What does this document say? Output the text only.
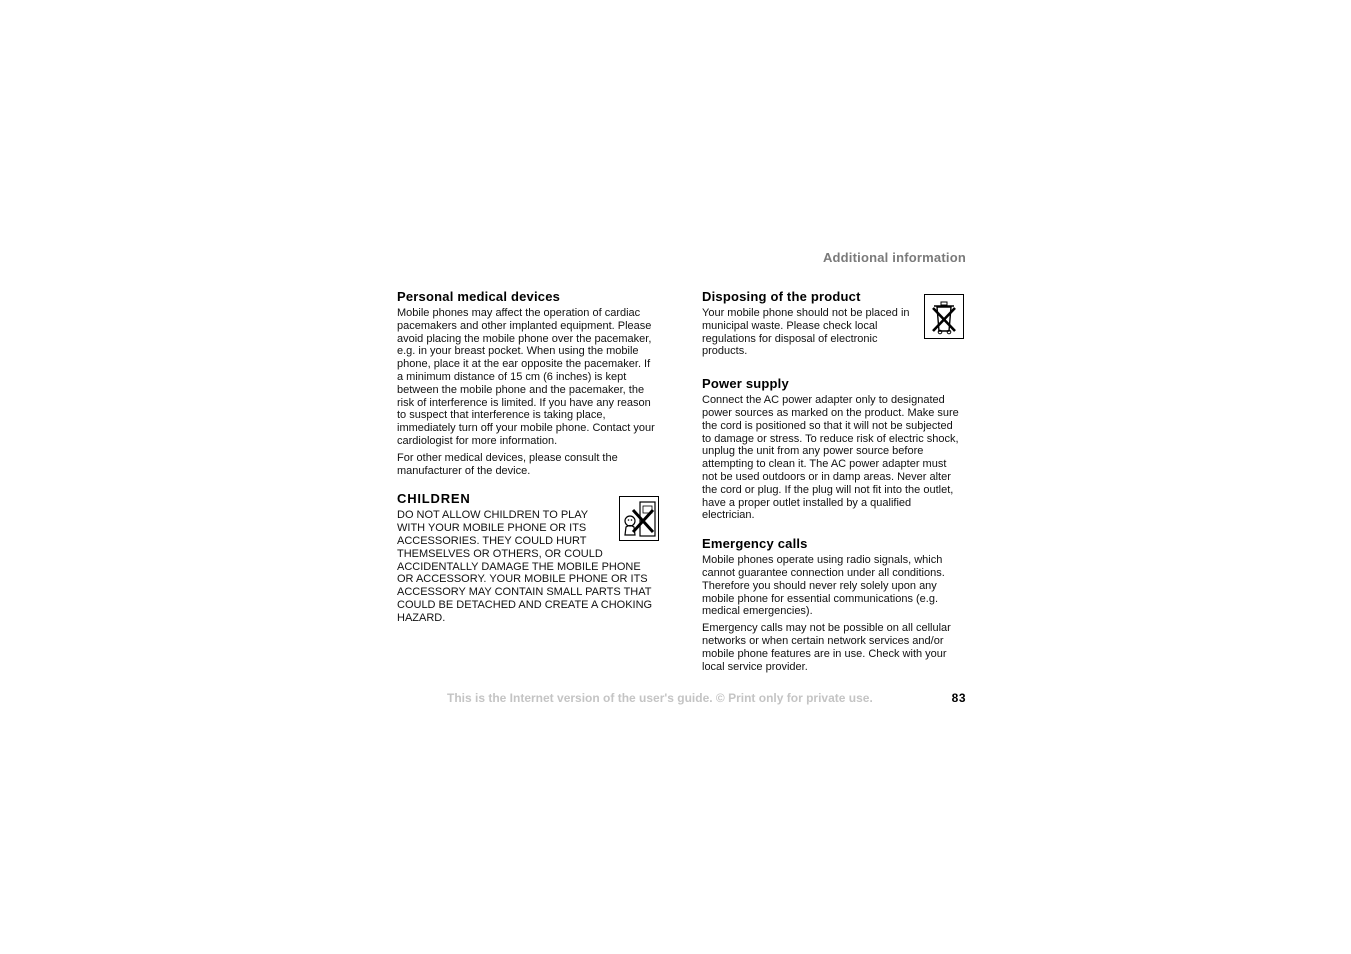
Additional information
Personal medical devices

Mobile phones may affect the operation of cardiac pacemakers and other implanted equipment. Please avoid placing the mobile phone over the pacemaker, e.g. in your breast pocket. When using the mobile phone, place it at the ear opposite the pacemaker. If a minimum distance of 15 cm (6 inches) is kept between the mobile phone and the pacemaker, the risk of interference is limited. If you have any reason to suspect that interference is taking place, immediately turn off your mobile phone. Contact your cardiologist for more information.

For other medical devices, please consult the manufacturer of the device.

CHILDREN

DO NOT ALLOW CHILDREN TO PLAY WITH YOUR MOBILE PHONE OR ITS ACCESSORIES. THEY COULD HURT THEMSELVES OR OTHERS, OR COULD ACCIDENTALLY DAMAGE THE MOBILE PHONE OR ACCESSORY. YOUR MOBILE PHONE OR ITS ACCESSORY MAY CONTAIN SMALL PARTS THAT COULD BE DETACHED AND CREATE A CHOKING HAZARD.

Disposing of the product

Your mobile phone should not be placed in municipal waste. Please check local regulations for disposal of electronic products.

Power supply

Connect the AC power adapter only to designated power sources as marked on the product. Make sure the cord is positioned so that it will not be subjected to damage or stress. To reduce risk of electric shock, unplug the unit from any power source before attempting to clean it. The AC power adapter must not be used outdoors or in damp areas. Never alter the cord or plug. If the plug will not fit into the outlet, have a proper outlet installed by a qualified electrician.

Emergency calls

Mobile phones operate using radio signals, which cannot guarantee connection under all conditions. Therefore you should never rely solely upon any mobile phone for essential communications (e.g. medical emergencies).

Emergency calls may not be possible on all cellular networks or when certain network services and/or mobile phone features are in use. Check with your local service provider.

This is the Internet version of the user's guide. © Print only for private use.	83
